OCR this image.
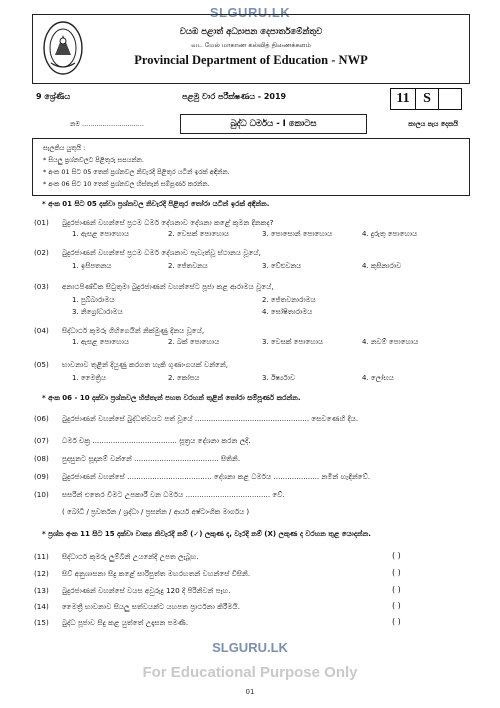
SLGURU.LK
වයඹ පළාත් අධ්‍යාපන දෙපාර්තමේන්තුව
வட மேல் மாகாண கல்வித் திணைக்களம்
Provincial Department of Education - NWP
9 ශ්‍රේණිය	පළමු වාර පරීක්ෂණය - 2019	11 S
නම ..............................	බුද්ධ ධර්මය - I කොටස	කාලය පැය දෙකයි
සැලකිය යුතුයි :
* සියලු ප්‍රශ්නවලට පිළිතුරු සපයන්න.
* අංක 01 සිට 05 තෙක් ප්‍රශ්නවල නිවැරදි පිළිතුර යටින් ඉරක් අඳින්න.
* අංක 06 සිට 10 තෙක් ප්‍රශ්නවල හිස්තැන් සම්පූර්ණ කරන්න.
* අංක 01 සිට 05 දක්වා ප්‍රශ්නවල නිවැරදි පිළිතුර තෝරා යටින් ඉරක් අඳින්න.
(01) බුදුරජාණන් වහන්සේ ප්‍රථම ධර්ම දේශනාව දේශනා කළේ කුමන දිනකද?
1. ඇසළ පොහොය	2. වෙසක් පොහොය	3. පොසොන් පොහොය	4. දුරුතු පොහොය
(02) බුදුරජාණන් වහන්සේ ප්‍රථම ධර්ම දේශනාව පැවැත්වූ ස්ථානය වූයේ,
1. ඉසිපතනය	2. ජේතවනය	3. වේළුවනය	4. කුසිනාරාව
(03) අනාථපිණ්ඩික සිටුතුමා බුදුරජාණන් වහන්සේට පූජා කළ ආරාමය වූයේ,
1. පුබ්බාරාමය	2. ජේතවනාරාමය
3. නිග්‍රෝධාරාමය	4. ඝෝෂිතාරාමය
(04) සිද්ධාර්ථ කුමරු ගිහිගෙයින් නික්මුණු දිනය වූයේ,
1. ඇසළ පොහොය	2. බක් පොහොය	3. වෙසක් පොහොය	4. නවම් පොහොය
(05) භාවනාව තුළින් දියුණු කරගත හැකි ගුණාංගයක් වන්නේ,
1. මෛත්‍රිය	2. කෝපය	3. ඊර්ෂ්‍යාව	4. ලෝභය
* අංක 06 - 10 දක්වා ප්‍රශ්නවල හිස්තැන් පහත වරහන් තුළින් තෝරා සම්පූර්ණ කරන්න.
(06) බුදුරජාණන් වහන්සේ බුද්ධත්වයට පත් වූයේ .................................................. සෙවණෙහි දීය.
(07) ධර්ම චක්‍ර ..................................... සූත්‍රය දේශනා කරන ලදී.
(08) පුදසුනට සූදානම් වන්නේ ..................................... සිතිනි.
(09) බුදුරජාණන් වහන්සේ ..................................... දේශනා කළ ධර්මය .................... නමින් හැඳින්වේ.
(10) සසරින් එතෙර වීමට උපකාරී වන ධර්මය ..................................... වේ.
( බෝධි / ප්‍රවර්තන / ශ්‍රද්ධා / ප්‍රසන්න / ආර්ය අෂ්ටාංගික මාර්ගය )
* ප්‍රශ්න අංක 11 සිට 15 දක්වා වාක්‍ය නිවැරදි නම් (✓) ලකුණ ද, වැරදි නම් (X) ලකුණ ද වරහන තුළ යොදන්න.
(11) සිද්ධාර්ථ කුමරු ලුම්බිනි උයනේදී උපත ලැබූහ.	( )
(12) සිව් අනුශාසනා සිදු කළේ සාරිපුත්ත මහරහතන් වහන්සේ විසිනි.	( )
(13) බුදුරජාණන් වහන්සේ වයස අවුරුදු 120 දී පිරිනිවන් පෑහ.	( )
(14) මෛත්‍රී භාවනාව සියලු සත්වයන්ට යහපත ප්‍රාර්ථනා කිරීමයි.	( )
(15) බුද්ධ පූජාව සිදු කළ යුත්තේ උදෑසන පමණි.	( )
SLGURU.LK
For Educational Purpose Only
01
